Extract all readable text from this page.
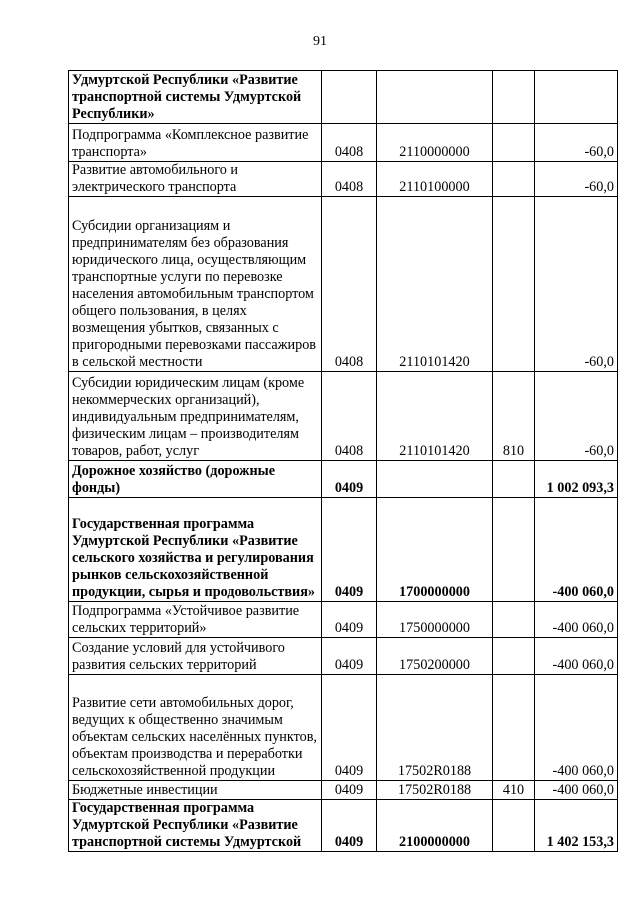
91
Удмуртской Республики «Развитие транспортной системы Удмуртской Республики»				
Подпрограмма «Комплексное развитие транспорта»	0408	2110000000		-60,0
Развитие автомобильного и электрического транспорта	0408	2110100000		-60,0
Субсидии организациям и предпринимателям без образования юридического лица, осуществляющим транспортные услуги по перевозке населения автомобильным транспортом общего пользования, в целях возмещения убытков, связанных с пригородными перевозками пассажиров в сельской местности	0408	2110101420		-60,0
Субсидии юридическим лицам (кроме некоммерческих организаций), индивидуальным предпринимателям, физическим лицам – производителям товаров, работ, услуг	0408	2110101420	810	-60,0
Дорожное хозяйство (дорожные фонды)	0409			1 002 093,3
Государственная программа Удмуртской Республики «Развитие сельского хозяйства и регулирования рынков сельскохозяйственной продукции, сырья и продовольствия»	0409	1700000000		-400 060,0
Подпрограмма «Устойчивое развитие сельских территорий»	0409	1750000000		-400 060,0
Создание условий для устойчивого развития сельских территорий	0409	1750200000		-400 060,0
Развитие сети автомобильных дорог, ведущих к общественно значимым объектам сельских населённых пунктов, объектам производства и переработки сельскохозяйственной продукции	0409	17502R0188		-400 060,0
Бюджетные инвестиции	0409	17502R0188	410	-400 060,0
Государственная программа Удмуртской Республики «Развитие транспортной системы Удмуртской	0409	2100000000		1 402 153,3
